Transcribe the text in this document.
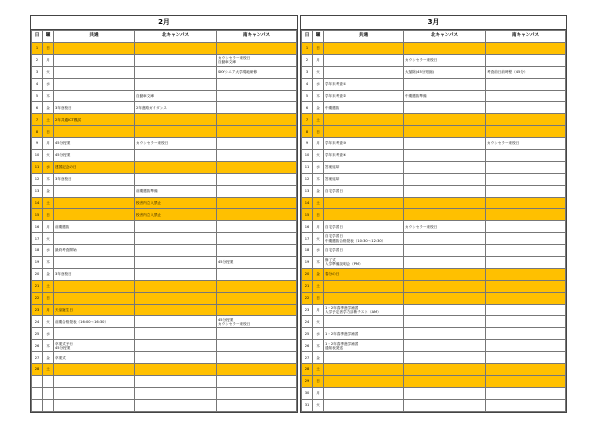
2月
日	曜	共通	北キャンパス	南キャンパス
1	日			
2	月			カウンセラー来校日
自動車文庫

3	火			SKYシニア大学現地研修
4	水			
5	木		自動車文庫	
6	金	3年登校日	2年進路ガイダンス	
7	土	2年共通ICT模試		
8	日			
9	月	45分授業	カウンセラー来校日	
10	火	45分授業		
11	水	建国記念の日		
12	木	3年登校日		
13	金		前期選抜準備	
14	土		校舎内立入禁止	
15	日		校舎内立入禁止	
16	月	前期選抜		
17	火			
18	水	最終考査開始		
19	木			45分授業
20	金	3年登校日		
21	土			
22	日			
23	月	天皇誕生日		
24	火	前期合格発表（16:00～16:30）		45分授業
カウンセラー来校日

25	水			
26	木	卒業式予行
45分授業		

27	金	卒業式		
28	土			

3月
日	曜	共通	北キャンパス	南キャンパス
1	日			
2	月		カウンセラー来校日	
3	火		大掃除(45分短縮)	考査前日前時程（45分）
4	水	学年末考査①		
5	木	学年末考査②	中期選抜準備	
6	金	中期選抜		
7	土			
8	日			
9	月	学年末考査③		カウンセラー来校日
10	火	学年末考査④		
11	水	答案返却		
12	木	答案返却		
13	金	自宅学習日		
14	土			
15	日			
16	月	自宅学習日	カウンセラー来校日	
17	火	自宅学習日
中期選抜合格発表（10:30～12:30）		

18	水	自宅学習日		
19	木	修了式
入学準備説明会（PM）		

20	金	春分の日		
21	土			
22	日			
23	月	1・2年春季進学補習
入学予定者学力診断テスト（AM）		

24	火			
25	水	1・2年春季進学補習		
26	木	1・2年春季進学補習
通知表発送		

27	金			
28	土			
29	日			
30	月			
31	火			
